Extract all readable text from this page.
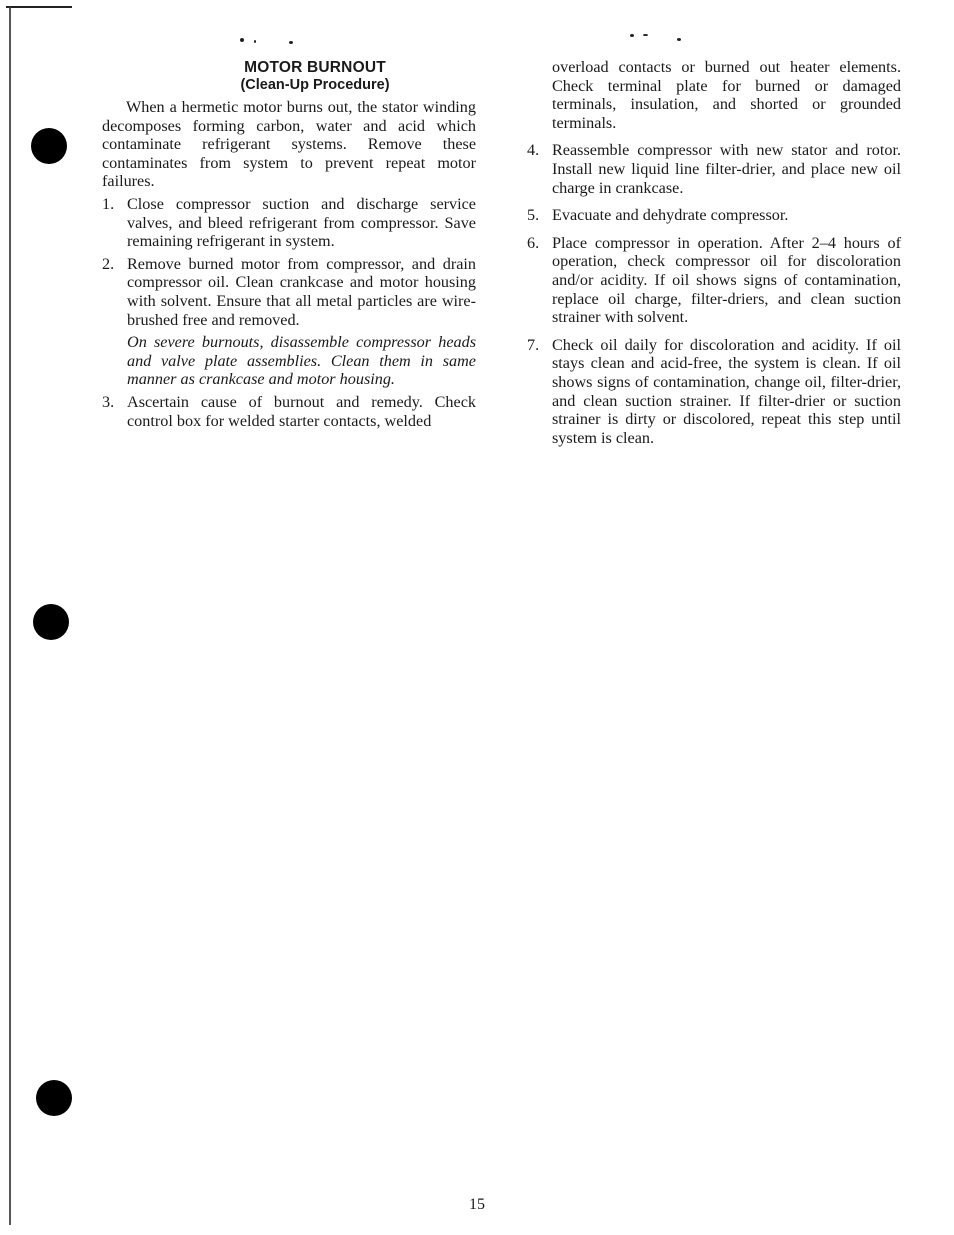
MOTOR BURNOUT
(Clean-Up Procedure)

When a hermetic motor burns out, the stator winding decomposes forming carbon, water and acid which contaminate refrigerant systems. Remove these contaminates from system to prevent repeat motor failures.

1. Close compressor suction and discharge service valves, and bleed refrigerant from compressor. Save remaining refrigerant in system.
2. Remove burned motor from compressor, and drain compressor oil. Clean crankcase and motor housing with solvent. Ensure that all metal particles are wire-brushed free and removed.

On severe burnouts, disassemble compressor heads and valve plate assemblies. Clean them in same manner as crankcase and motor housing.

3. Ascertain cause of burnout and remedy. Check control box for welded starter contacts, welded

overload contacts or burned out heater elements. Check terminal plate for burned or damaged terminals, insulation, and shorted or grounded terminals.

4. Reassemble compressor with new stator and rotor. Install new liquid line filter-drier, and place new oil charge in crankcase.
5. Evacuate and dehydrate compressor.
6. Place compressor in operation. After 2–4 hours of operation, check compressor oil for discoloration and/or acidity. If oil shows signs of contamination, replace oil charge, filter-driers, and clean suction strainer with solvent.
7. Check oil daily for discoloration and acidity. If oil stays clean and acid-free, the system is clean. If oil shows signs of contamination, change oil, filter-drier, and clean suction strainer. If filter-drier or suction strainer is dirty or discolored, repeat this step until system is clean.
15
